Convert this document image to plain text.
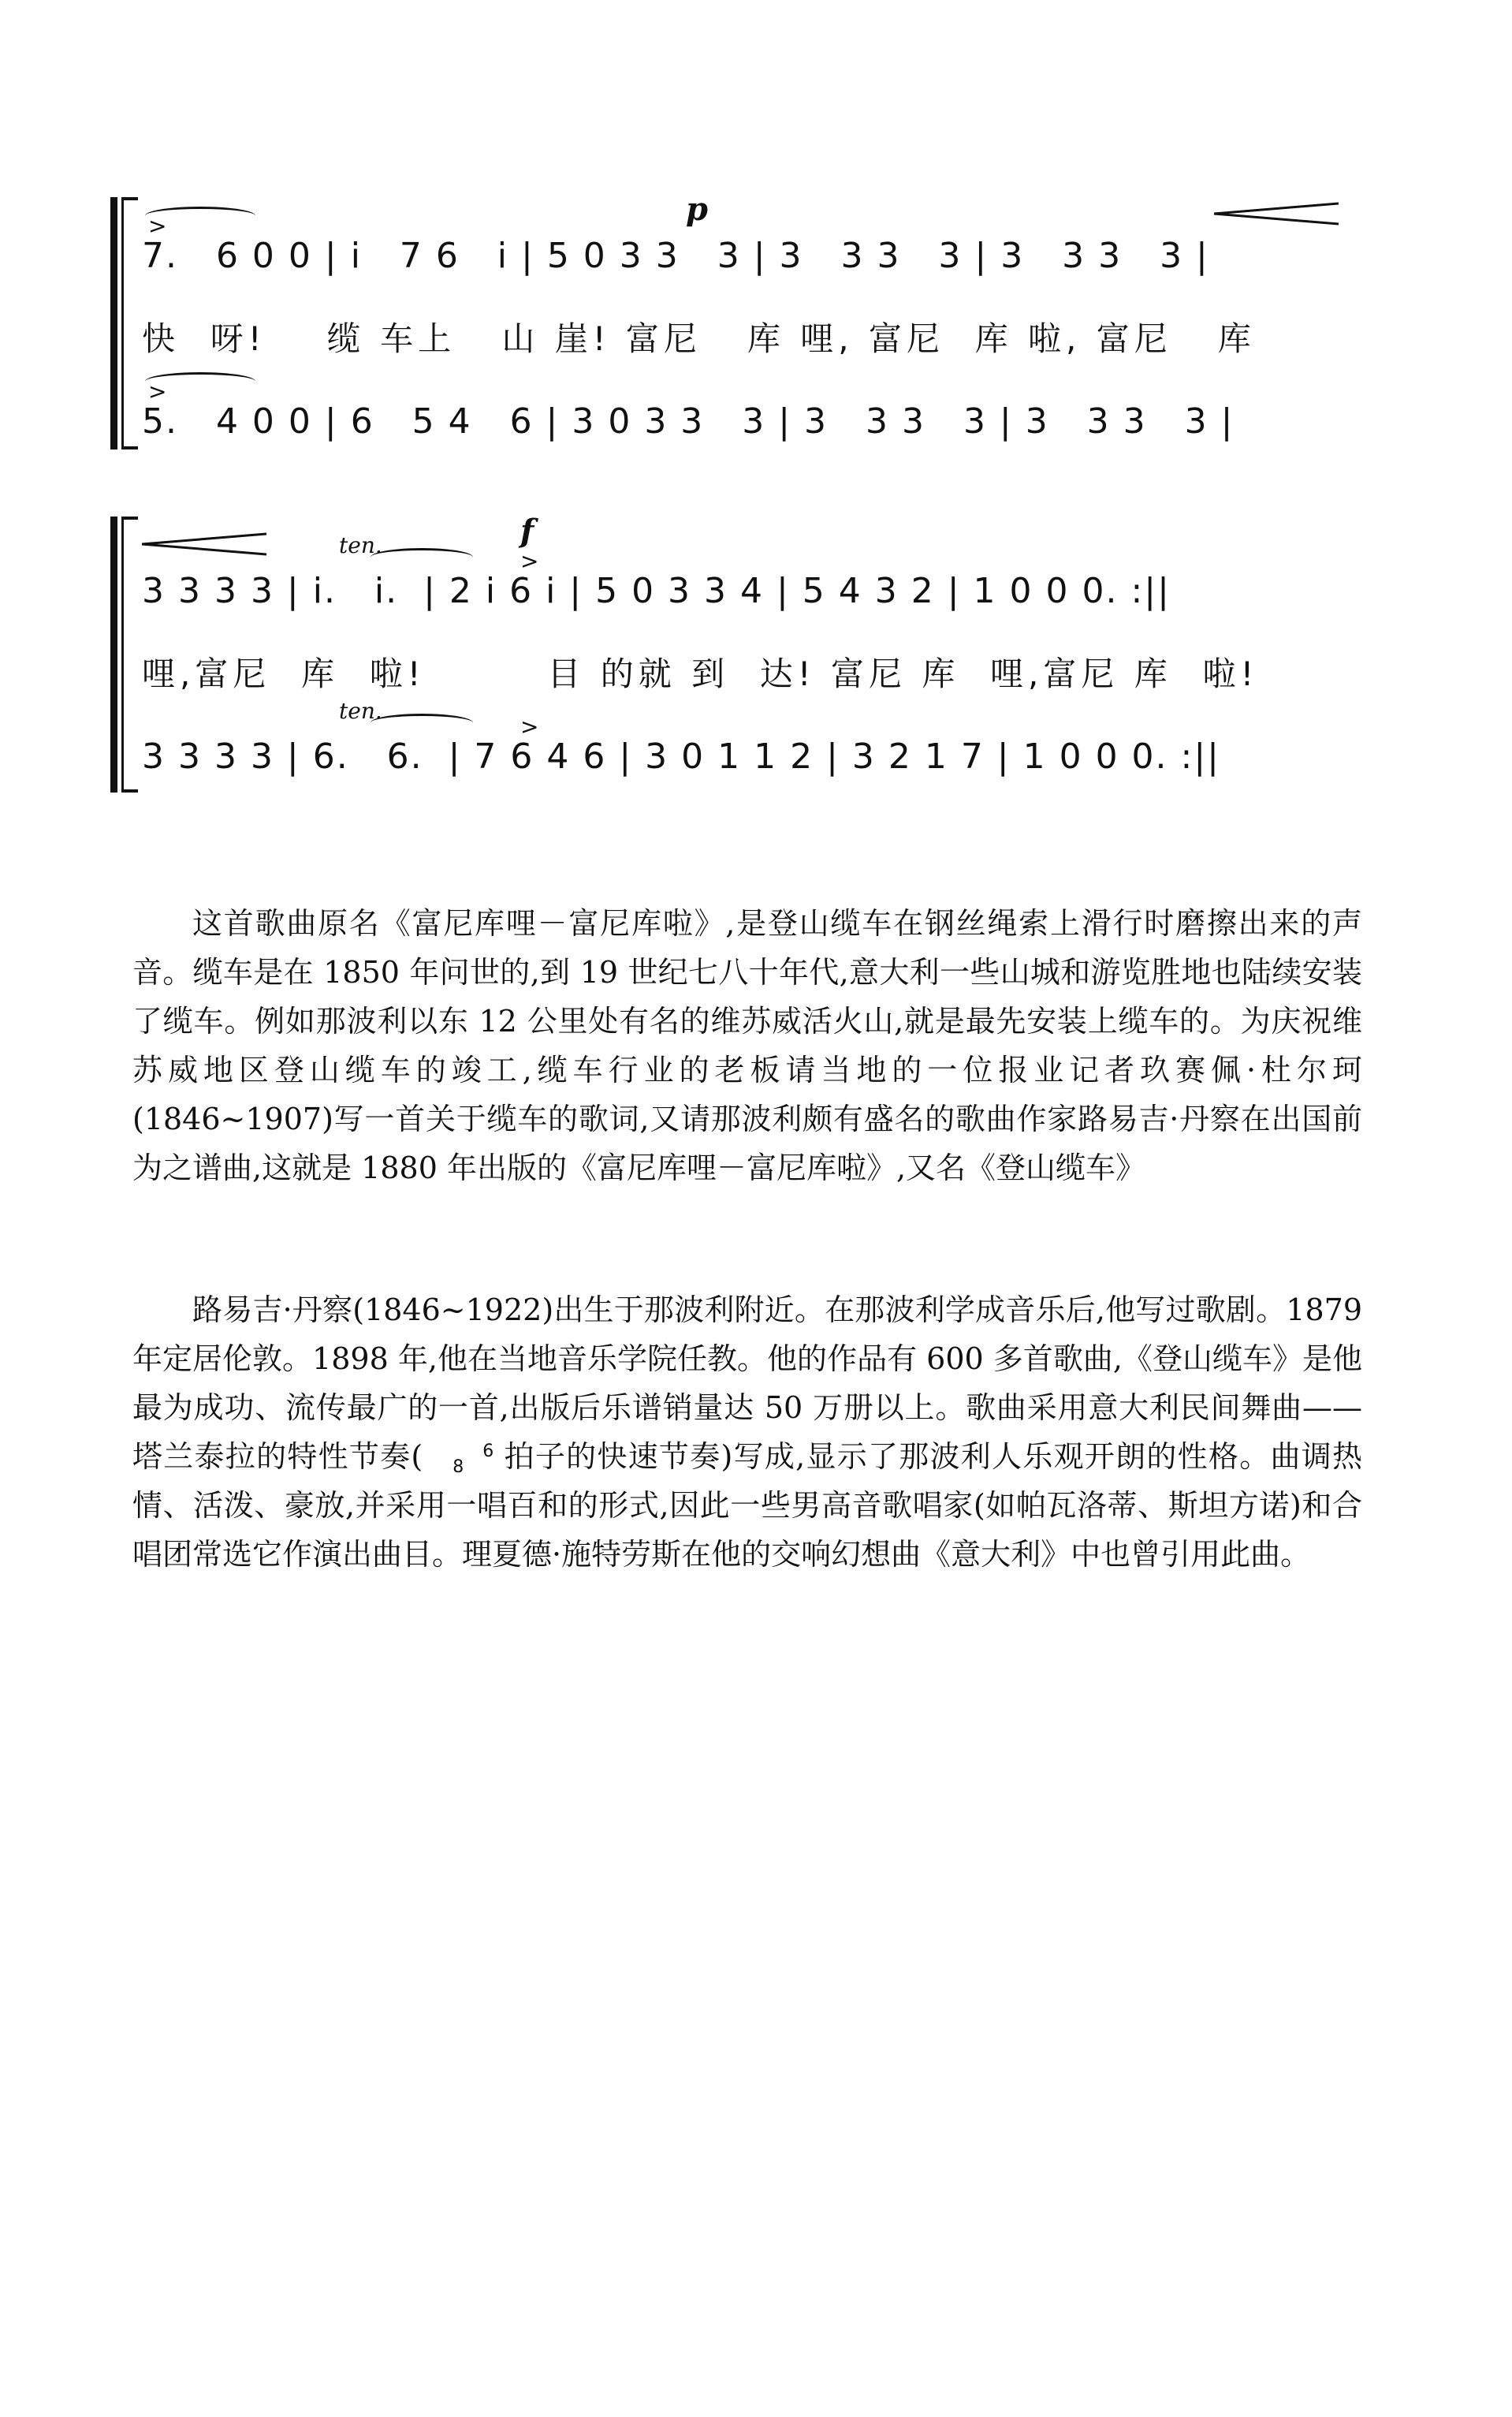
>	p
7.   6 0 0 | i   7 6   i | 5 0 3 3   3 | 3   3 3   3 | 3   3 3   3 |
快  呀!    缆 车上   山 崖! 富尼   库 哩, 富尼  库 啦, 富尼   库
>
5.   4 0 0 | 6   5 4   6 | 3 0 3 3   3 | 3   3 3   3 | 3   3 3   3 |
ten.	f
>
3 3 3 3 | i.   i.  | 2 i 6 i | 5 0 3 3 4 | 5 4 3 2 | 1 0 0 0. :||
哩,富尼  库  啦!        目 的就 到  达! 富尼 库  哩,富尼 库  啦!
ten.
>
3 3 3 3 | 6.   6.  | 7 6 4 6 | 3 0 1 1 2 | 3 2 1 7 | 1 0 0 0. :||

这首歌曲原名《富尼库哩－富尼库啦》,是登山缆车在钢丝绳索上滑行时磨擦出来的声音。缆车是在 1850 年问世的,到 19 世纪七八十年代,意大利一些山城和游览胜地也陆续安装了缆车。例如那波利以东 12 公里处有名的维苏威活火山,就是最先安装上缆车的。为庆祝维苏威地区登山缆车的竣工,缆车行业的老板请当地的一位报业记者玖赛佩·杜尔珂(1846~1907)写一首关于缆车的歌词,又请那波利颇有盛名的歌曲作家路易吉·丹察在出国前为之谱曲,这就是 1880 年出版的《富尼库哩－富尼库啦》,又名《登山缆车》

路易吉·丹察(1846~1922)出生于那波利附近。在那波利学成音乐后,他写过歌剧。1879 年定居伦敦。1898 年,他在当地音乐学院任教。他的作品有 600 多首歌曲,《登山缆车》是他最为成功、流传最广的一首,出版后乐谱销量达 50 万册以上。歌曲采用意大利民间舞曲——塔兰泰拉的特性节奏(	6
8 拍子的快速节奏)写成,显示了那波利人乐观开朗的性格。曲调热情、活泼、豪放,并采用一唱百和的形式,因此一些男高音歌唱家(如帕瓦洛蒂、斯坦方诺)和合唱团常选它作演出曲目。理夏德·施特劳斯在他的交响幻想曲《意大利》中也曾引用此曲。
